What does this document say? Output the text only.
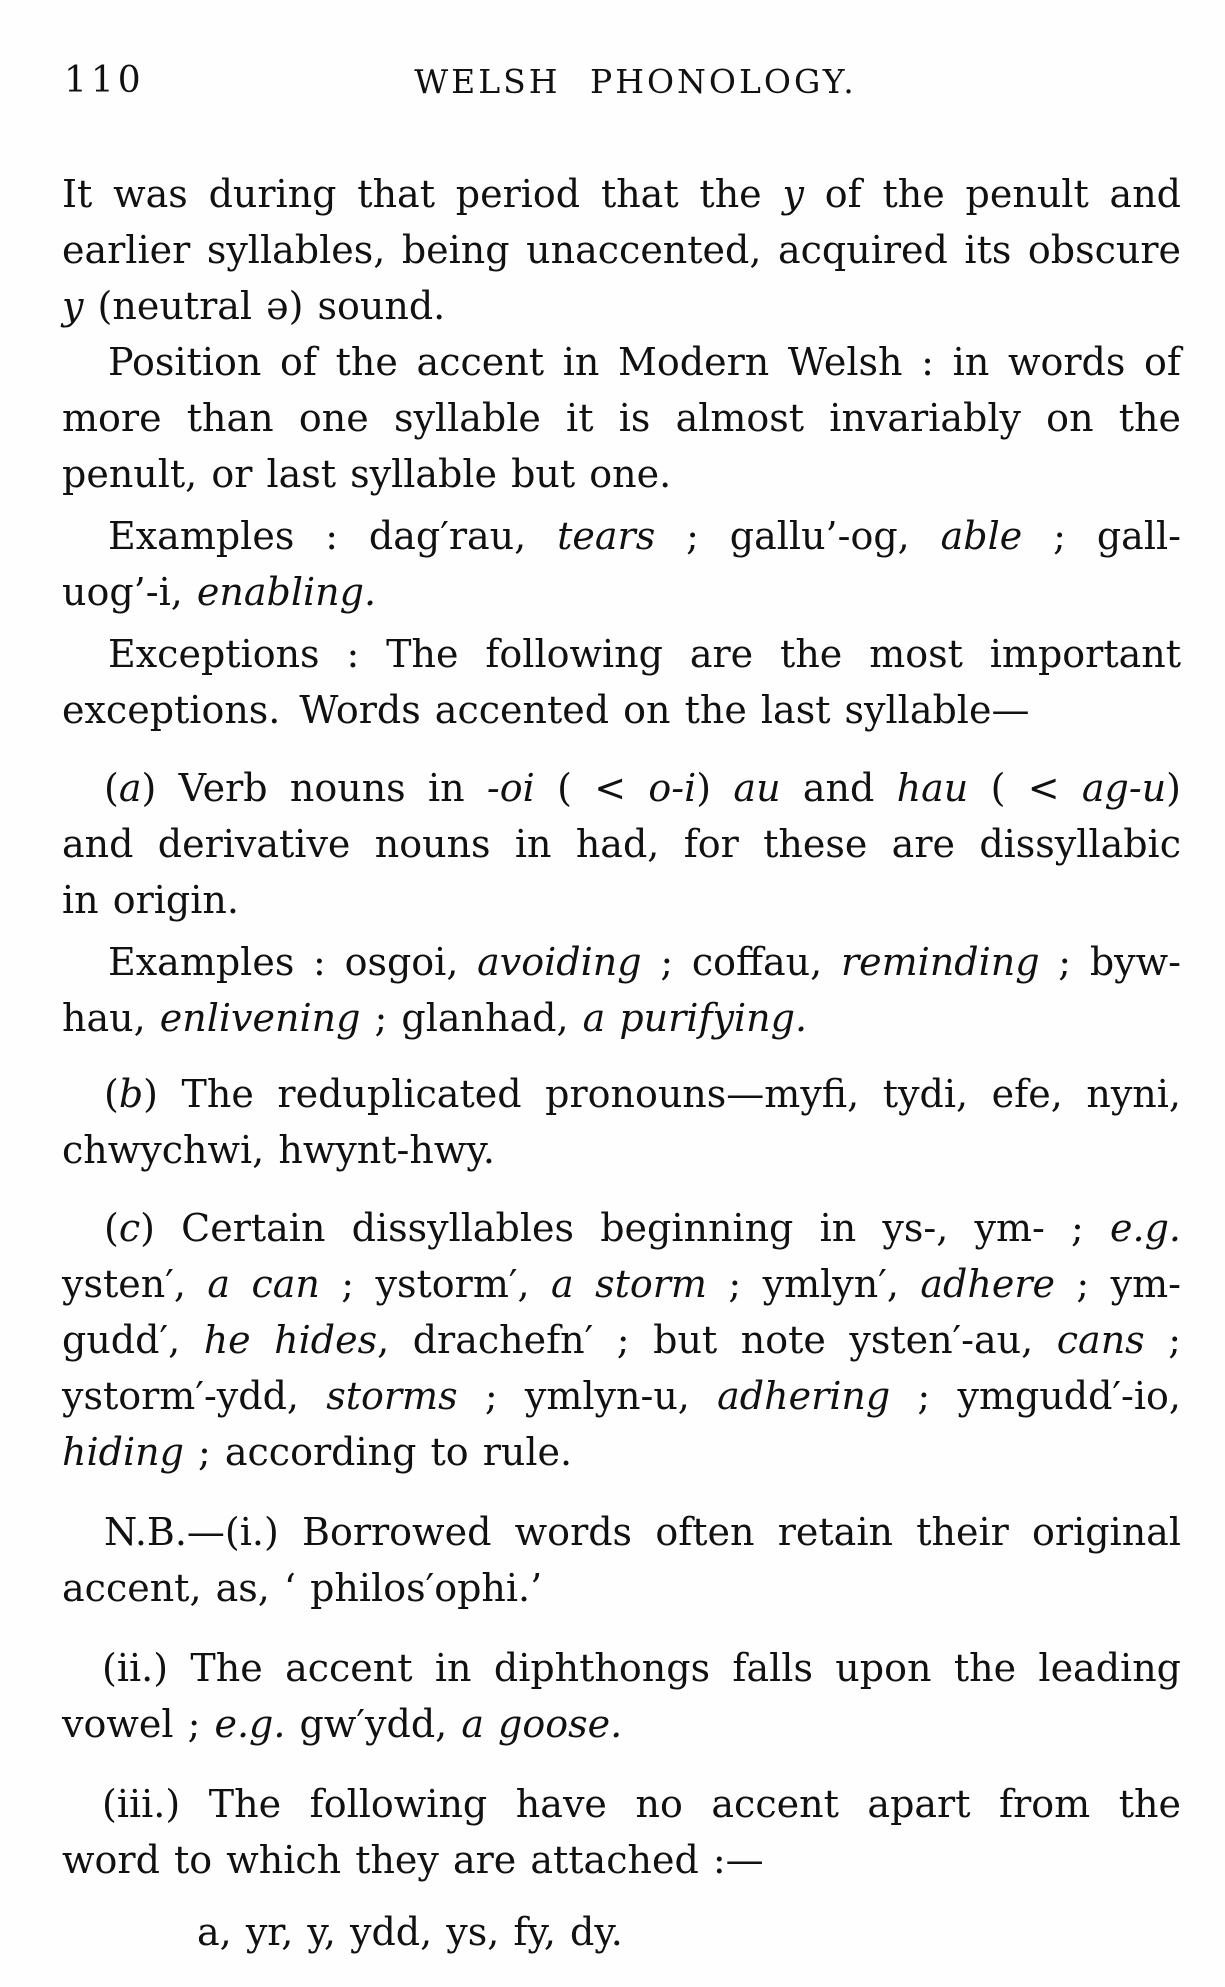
110	WELSH PHONOLOGY.
It was during that period that the y of the penult and
earlier syllables, being unaccented, acquired its obscure
y (neutral ə) sound.
Position of the accent in Modern Welsh : in words of
more than one syllable it is almost invariably on the
penult, or last syllable but one.
Examples : dag′rau, tears ; gallu’-og, able ; gall-
uog’-i, enabling.
Exceptions : The following are the most important
exceptions. Words accented on the last syllable—
(a) Verb nouns in -oi ( < o-i) au and hau ( < ag-u)
and derivative nouns in had, for these are dissyllabic
in origin.
Examples : osgoi, avoiding ; coffau, reminding ; byw-
hau, enlivening ; glanhad, a purifying.
(b) The reduplicated pronouns—myfi, tydi, efe, nyni,
chwychwi, hwynt-hwy.
(c) Certain dissyllables beginning in ys-, ym- ; e.g.
ysten′, a can ; ystorm′, a storm ; ymlyn′, adhere ; ym-
gudd′, he hides, drachefn′ ; but note ysten′-au, cans ;
ystorm′-ydd, storms ; ymlyn-u, adhering ; ymgudd′-io,
hiding ; according to rule.
N.B.—(i.) Borrowed words often retain their original
accent, as, ‘ philos′ophi.’
(ii.) The accent in diphthongs falls upon the leading
vowel ; e.g. gw′ydd, a goose.
(iii.) The following have no accent apart from the
word to which they are attached :—
a, yr, y, ydd, ys, fy, dy.
